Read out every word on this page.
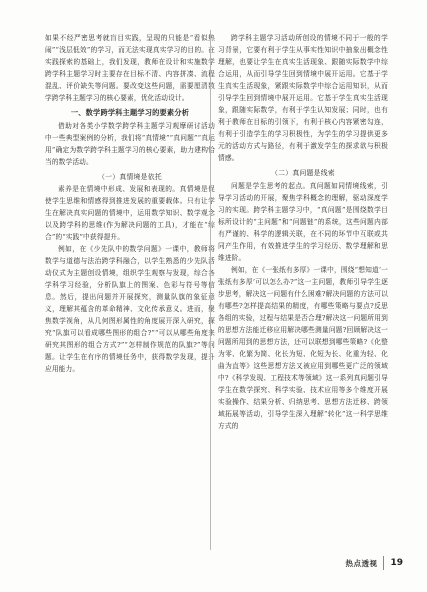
如果不经严密思考就盲目实践，呈现的只能是“看似热闹”“浅层低效”的学习，而无法实现真实学习的目的。在实践探索的基础上，我们发现，教师在设计和实施数学跨学科主题学习时主要存在目标不清、内容拼凑、流程混乱、评价缺失等问题。要改变这些问题，需要厘清数学跨学科主题学习的核心要素，优化活动设计。

一、数学跨学科主题学习的要素分析

借助对各类小学数学跨学科主题学习观摩研讨活动中一些典型案例的分析，我们将“真情境”“真问题”“真运用”确定为数学跨学科主题学习的核心要素，助力建构恰当的数学活动。

（一）真情境是依托

素养是在情境中形成、发展和表现的。真情境是促使学生思维和情感得到推进发展的重要载体。只有让学生在解决真实问题的情境中，运用数学知识、数学观念以及跨学科的思维(作为解决问题的工具)，才能在“综合”的“实践”中获得提升。

例如，在《少先队中的数学问题》一课中，教师将数学与道德与法治跨学科融合，以学生熟悉的少先队活动仪式为主题创设情境，组织学生观察与发现，综合各学科学习经验，分析队旗上的图案、色彩与符号等信息。然后，提出问题并开展探究，测量队旗的象征意义，理解其蕴含的革命精神、文化传承意义。进而，聚焦数学视角，从几何图形属性的角度展开深入研究，探究“队旗可以看成哪些图形的组合?”“可以从哪些角度来研究其图形的组合方式?”“怎样制作规范的队旗?”等问题。让学生在有序的情境任务中，获得数学发现，提升应用能力。

跨学科主题学习活动所创设的情境不同于一般的学习背景，它要有利于学生从事实性知识中抽象出概念性理解，也要让学生在真实生活现象、跟随实际数学中综合运用，从而引导学生回到情境中展开运用。它基于学生真实生活现象，紧跟实际数学中综合运用知识，从而引导学生回到情境中展开运用。它基于学生真实生活现象，跟随实际数学，有利于学生认知发展；同时，也有利于教师在目标的引领下，有利于核心内容紧密勾连，有利于引造学生的学习积极性，为学生的学习提供更多元的活动方式与路径，有利于激发学生的探求欲与积极情感。

（二）真问题是线索

问题是学生思考的起点。真问题如同情境线索，引导学习活动的开展，聚焦学科概念的理解，驱动深度学习的实现。跨学科主题学习中，“真问题”是围绕数学目标所设计的“主问题”和“问题链”的系统，这些问题内部有严谨的、科学的逻辑关联，在不同的环节中互联或共同产生作用，有效推进学生的学习经历、数学理解和思维进阶。

例如，在《一张纸有多厚》一课中，围绕“想知道‘一张纸有多厚’可以怎么办?”这一主问题，教师引导学生逐步思考，解决这一问题有什么困难?解决问题的方法可以有哪些?怎样提高结果的精度，有哪些策略与要点?反思各组的实验，过程与结果是否合理?解决这一问题所用到的思想方法能迁移应用解决哪些测量问题?回顾解决这一问题所用到的思想方法，还可以联想到哪些策略?《化整为零、化繁为简、化长为短、化短为长、化重为轻、化曲为直等》这些思想方法又被应用到哪些更广泛的领域中?《科学发现、工程技术等领域》这一系列真问题引导学生在数学探究、科学实验、技术应用等多个维度开展实验操作、结果分析、归纳思考、思想方法迁移、跨领域拓展等活动，引导学生深入理解“转化”这一科学思维方式的

热点透视 19
